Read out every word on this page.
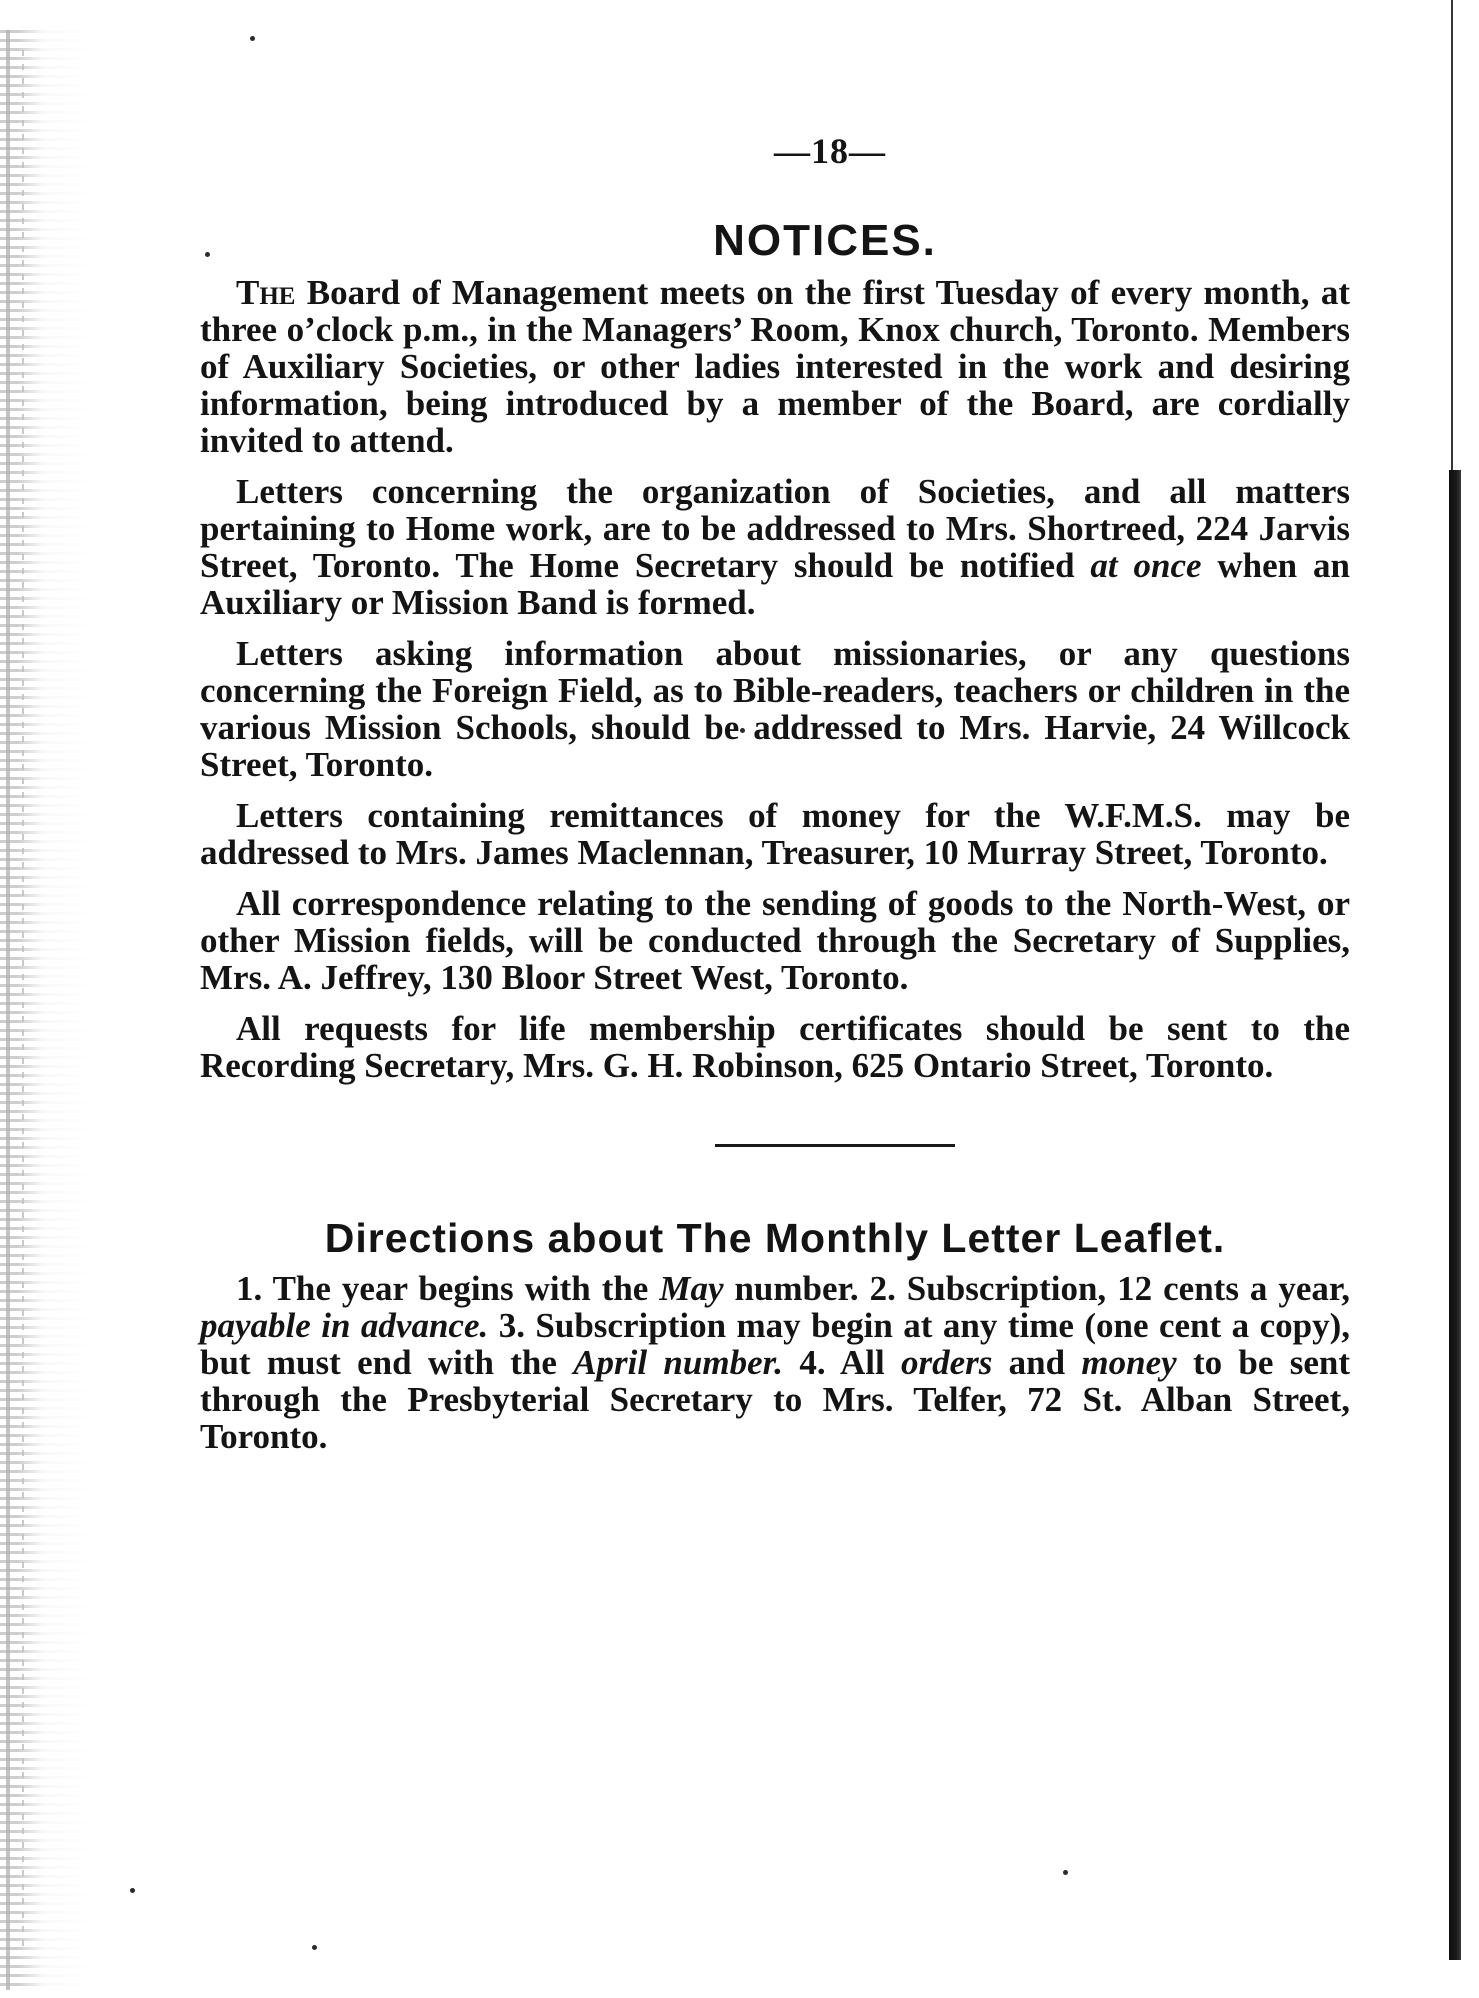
—18—
NOTICES.

The Board of Management meets on the first Tuesday of every month, at three o’clock p.m., in the Managers’ Room, Knox church, Toronto. Members of Auxiliary Societies, or other ladies interested in the work and desiring information, being introduced by a member of the Board, are cordially invited to attend.

Letters concerning the organization of Societies, and all matters pertaining to Home work, are to be addressed to Mrs. Shortreed, 224 Jarvis Street, Toronto. The Home Secretary should be notified at once when an Auxiliary or Mission Band is formed.

Letters asking information about missionaries, or any questions concerning the Foreign Field, as to Bible-readers, teachers or children in the various Mission Schools, should be addressed to Mrs. Harvie, 24 Willcock Street, Toronto.

Letters containing remittances of money for the W.F.M.S. may be addressed to Mrs. James Maclennan, Treasurer, 10 Murray Street, Toronto.

All correspondence relating to the sending of goods to the North-West, or other Mission fields, will be conducted through the Secretary of Supplies, Mrs. A. Jeffrey, 130 Bloor Street West, Toronto.

All requests for life membership certificates should be sent to the Recording Secretary, Mrs. G. H. Robinson, 625 Ontario Street, Toronto.

Directions about The Monthly Letter Leaflet.

1. The year begins with the May number. 2. Subscription, 12 cents a year, payable in advance. 3. Subscription may begin at any time (one cent a copy), but must end with the April number. 4. All orders and money to be sent through the Presbyterial Secretary to Mrs. Telfer, 72 St. Alban Street, Toronto.
